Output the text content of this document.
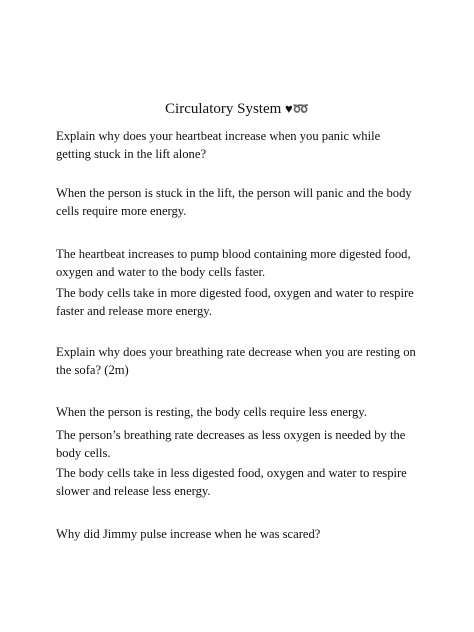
Circulatory System ♥➿

Explain why does your heartbeat increase when you panic while getting stuck in the lift alone?

When the person is stuck in the lift, the person will panic and the body cells require more energy.

The heartbeat increases to pump blood containing more digested food, oxygen and water to the body cells faster.

The body cells take in more digested food, oxygen and water to respire faster and release more energy.

Explain why does your breathing rate decrease when you are resting on the sofa? (2m)

When the person is resting, the body cells require less energy.

The person’s breathing rate decreases as less oxygen is needed by the body cells.

The body cells take in less digested food, oxygen and water to respire slower and release less energy.

Why did Jimmy pulse increase when he was scared?
